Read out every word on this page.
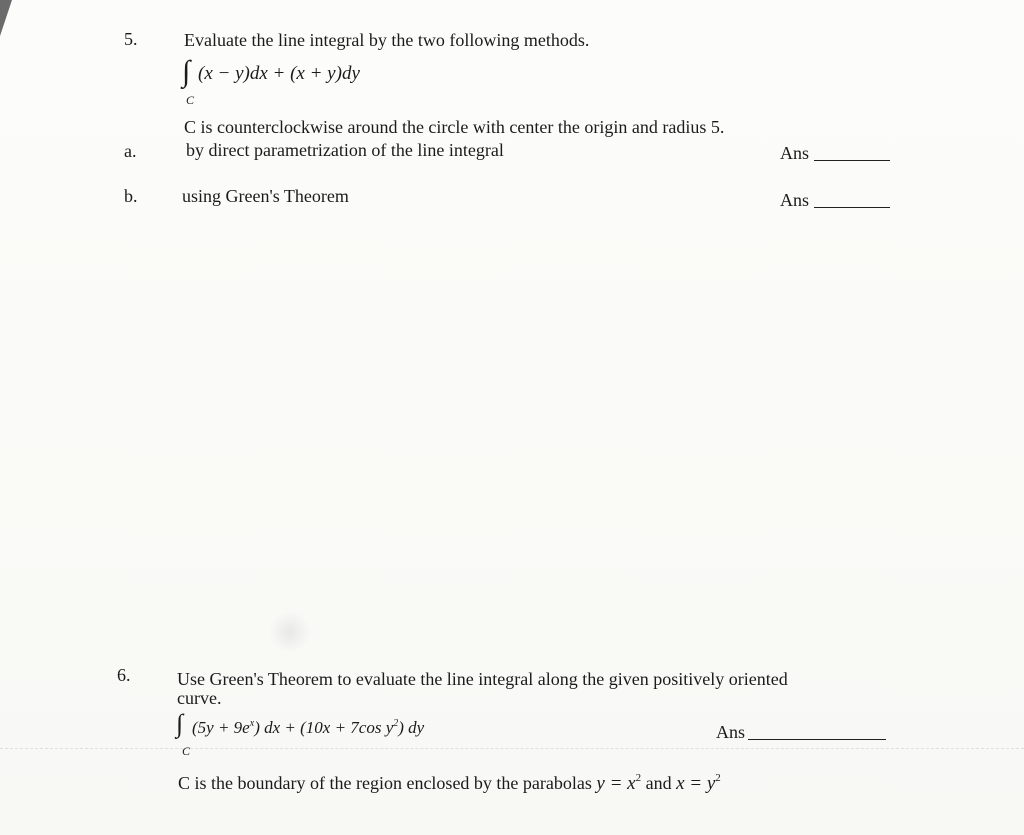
5.	Evaluate the line integral by the two following methods.
∫ (x − y)dx + (x + y)dy
C
C is counterclockwise around the circle with center the origin and radius 5.
a.	by direct parametrization of the line integral	Ans
b. using Green's Theorem	Ans
6.	Use Green's Theorem to evaluate the line integral along the given positively oriented
curve.
∫ $(5y + 9e^x)$ dx + (10x + 7cos $y^2$) dy
C
Ans
C is the boundary of the region enclosed by the parabolas $y = x^2$ and $x = y^2$
